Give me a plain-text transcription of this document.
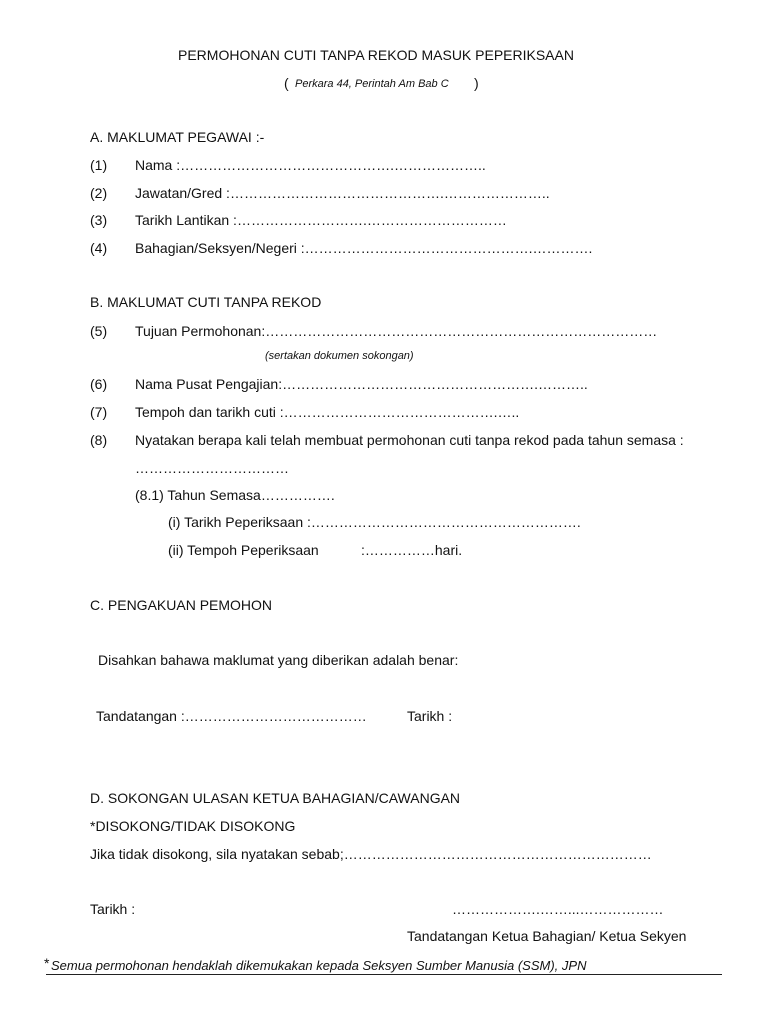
PERMOHONAN CUTI TANPA REKOD MASUK PEPERIKSAAN
( Perkara 44, Perintah Am Bab C )
A. MAKLUMAT PEGAWAI :-
(1) Nama :……………………………………….………………..
(2) Jawatan/Gred :……………………………………….…………………..
(3) Tarikh Lantikan :……………………….…………………………
(4) Bahagian/Seksyen/Negeri :………………………………………….………….
B. MAKLUMAT CUTI TANPA REKOD
(5) Tujuan Permohonan:…………………………………………………………………………
(sertakan dokumen sokongan)
(6) Nama Pusat Pengajian:……………………………………………….………..
(7) Tempoh dan tarikh cuti :……………………………………….…..
(8) Nyatakan berapa kali telah membuat permohonan cuti tanpa rekod pada tahun semasa :
……………………………
(8.1) Tahun Semasa…………….
(i) Tarikh Peperiksaan :………………………………………………….
(ii) Tempoh Peperiksaan	:……………hari.
C. PENGAKUAN PEMOHON
Disahkan bahawa maklumat yang diberikan adalah benar:
Tandatangan :…………………………………	Tarikh :
D. SOKONGAN ULASAN KETUA BAHAGIAN/CAWANGAN
*DISOKONG/TIDAK DISOKONG
Jika tidak disokong, sila nyatakan sebab;…………………………………………………………
Tarikh :	……………….……...………………
Tandatangan Ketua Bahagian/ Ketua Sekyen
* Semua permohonan hendaklah dikemukakan kepada Seksyen Sumber Manusia (SSM), JPN
